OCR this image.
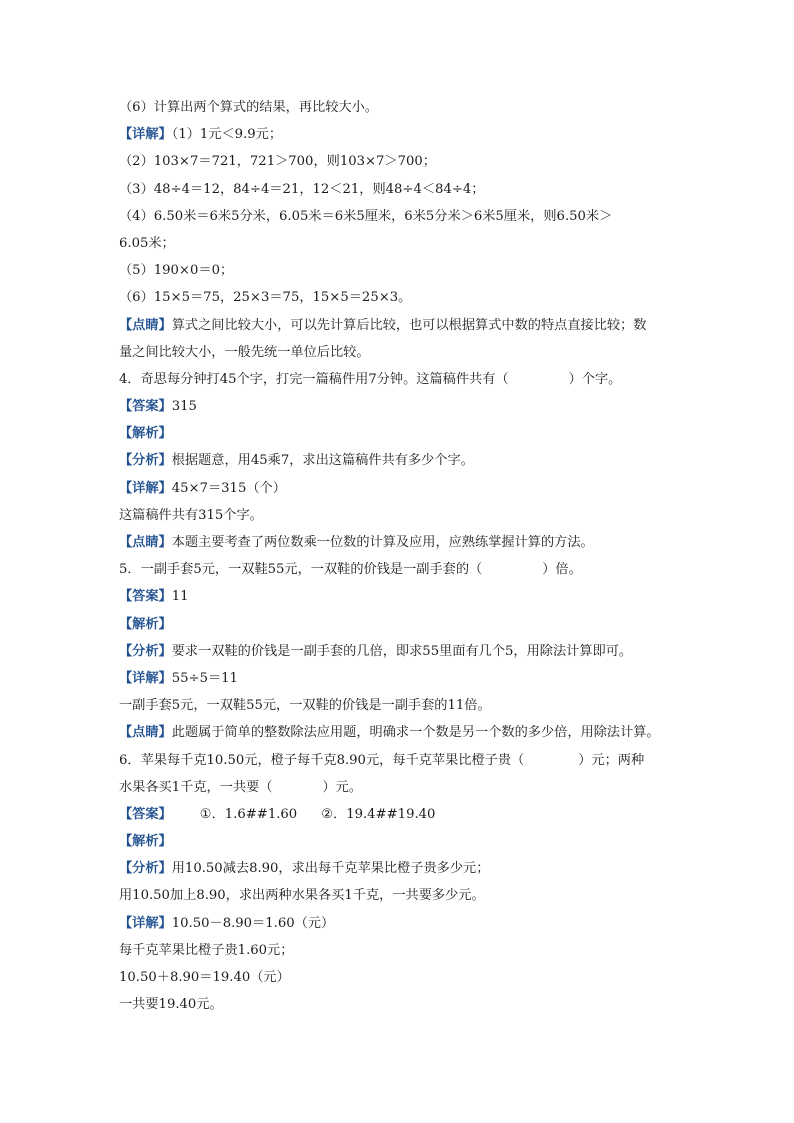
（6）计算出两个算式的结果，再比较大小。
【详解】（1）1元＜9.9元；
（2）103×7＝721，721＞700，则103×7＞700；
（3）48÷4＝12，84÷4＝21，12＜21，则48÷4＜84÷4；
（4）6.50米＝6米5分米，6.05米＝6米5厘米，6米5分米＞6米5厘米，则6.50米＞
6.05米；
（5）190×0＝0；
（6）15×5＝75，25×3＝75，15×5＝25×3。
【点睛】算式之间比较大小，可以先计算后比较，也可以根据算式中数的特点直接比较；数
量之间比较大小，一般先统一单位后比较。
4．奇思每分钟打45个字，打完一篇稿件用7分钟。这篇稿件共有（	）个字。
【答案】315
【解析】
【分析】根据题意，用45乘7，求出这篇稿件共有多少个字。
【详解】45×7＝315（个）
这篇稿件共有315个字。
【点睛】本题主要考查了两位数乘一位数的计算及应用，应熟练掌握计算的方法。
5．一副手套5元，一双鞋55元，一双鞋的价钱是一副手套的（	）倍。
【答案】11
【解析】
【分析】要求一双鞋的价钱是一副手套的几倍，即求55里面有几个5，用除法计算即可。
【详解】55÷5＝11
一副手套5元，一双鞋55元，一双鞋的价钱是一副手套的11倍。
【点睛】此题属于简单的整数除法应用题，明确求一个数是另一个数的多少倍，用除法计算。
6．苹果每千克10.50元，橙子每千克8.90元，每千克苹果比橙子贵（	）元；两种
水果各买1千克，一共要（	）元。
【答案】 ①．1.6##1.60 ②．19.4##19.40
【解析】
【分析】用10.50减去8.90，求出每千克苹果比橙子贵多少元；
用10.50加上8.90，求出两种水果各买1千克，一共要多少元。
【详解】10.50－8.90＝1.60（元）
每千克苹果比橙子贵1.60元；
10.50＋8.90＝19.40（元）
一共要19.40元。
